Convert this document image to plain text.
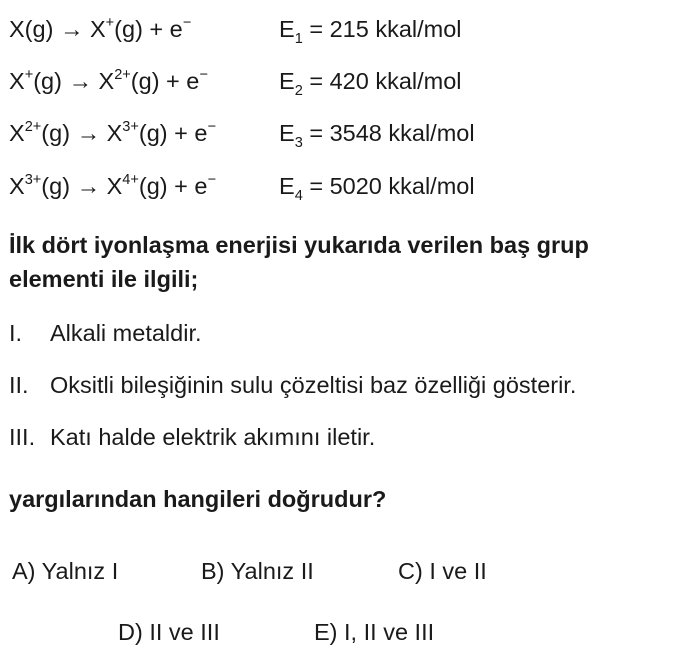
X(g) → X+(g) + e−	$E_1 = 215$ kkal/mol
$X^+(g) \to X^{2+}(g) + e^-$	$E_2 = 420$ kkal/mol
$X^{2+}(g) \to X^{3+}(g) + e^-$	$E_3 = 3548$ kkal/mol
$X^{3+}(g) \to X^{4+}(g) + e^-$	$E_4 = 5020$ kkal/mol
İlk dört iyonlaşma enerjisi yukarıda verilen baş grup elementi ile ilgili;
I. Alkali metaldir.
II. Oksitli bileşiğinin sulu çözeltisi baz özelliği gösterir.
III. Katı halde elektrik akımını iletir.
yargılarından hangileri doğrudur?
A) Yalnız I	B) Yalnız II	C) I ve II
D) II ve III	E) I, II ve III
